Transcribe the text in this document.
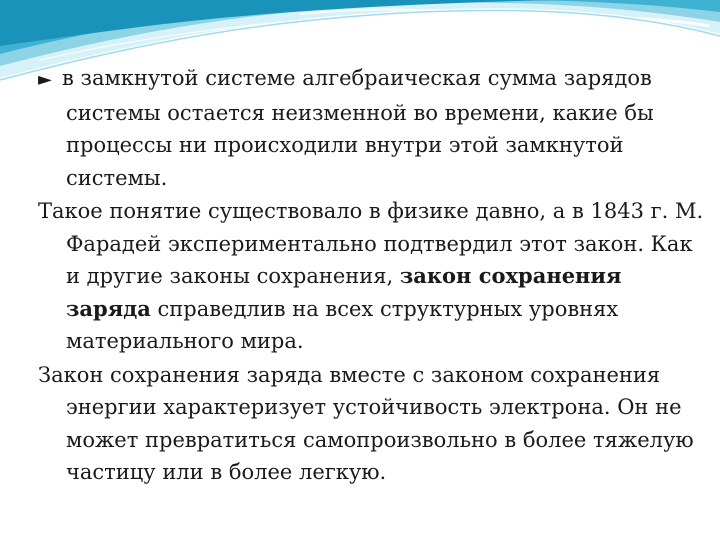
► в замкнутой системе алгебраическая сумма зарядов системы остается неизменной во времени, какие бы процессы ни происходили внутри этой замкнутой системы.

Такое понятие существовало в физике давно, а в 1843 г. М. Фарадей экспериментально подтвердил этот закон. Как и другие законы сохранения, закон сохранения заряда справедлив на всех структурных уровнях материального мира.

Закон сохранения заряда вместе с законом сохранения энергии характеризует устойчивость электрона. Он не может превратиться самопроизвольно в более тяжелую частицу или в более легкую.
